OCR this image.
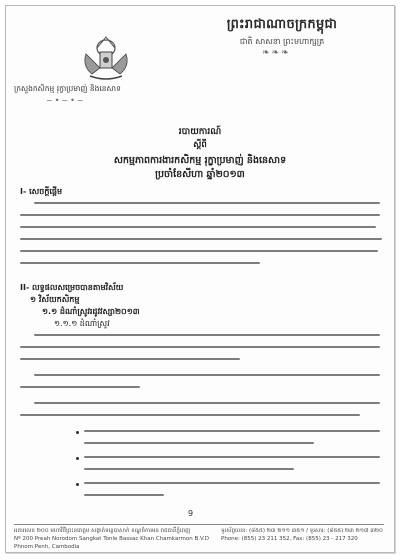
ព្រះរាជាណាចក្រកម្ពុជា
ជាតិ សាសនា ព្រះមហាក្សត្រ
❧❧❧
ក្រសួងកសិកម្ម រុក្ខាប្រមាញ់ និងនេសាទ
~•~•~
របាយការណ៍
ស្តីពី
សកម្មភាពការងារកសិកម្ម រុក្ខាប្រមាញ់ និងនេសាទ
ប្រចាំខែសីហា ឆ្នាំ២០១៣
I- សេចក្តីផ្តើម
II- លទ្ធផលសម្រេចបានតាមវិស័យ
១ វិស័យកសិកម្ម
១.១ ដំណាំស្រូវរដូវវស្សា២០១៣
១.១.១ ដំណាំស្រូវ
9
អគារលេខ ២០០ មហាវិថីព្រះនរោត្តម សង្កាត់ទន្លេបាសាក់ ខណ្ឌចំការមន រាជធានីភ្នំពេញ
Nº 200 Preah Norodom Sangkat Tonle Bassac Khan Chamkarmon B.V.D Phnom Penh, Cambodia
ទូរស័ព្ទលេខ: (៨៥៥) ២៣ ២១១ ៣៥១ / ទូរសារ: (៨៥៥) ២៣ ២១៧ ៣២០
Phone: (855) 23 211 352, Fax: (855) 23 - 217 320
